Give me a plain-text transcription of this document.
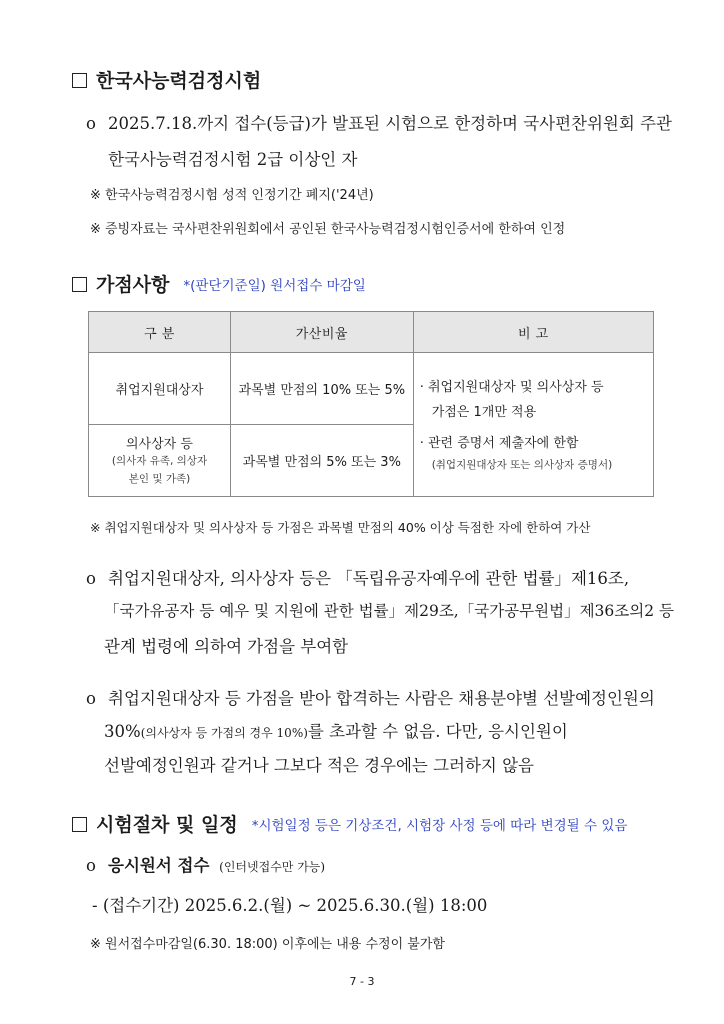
한국사능력검정시험
o 2025.7.18.까지 접수(등급)가 발표된 시험으로 한정하며 국사편찬위원회 주관
한국사능력검정시험 2급 이상인 자
※ 한국사능력검정시험 성적 인정기간 폐지('24년)
※ 증빙자료는 국사편찬위원회에서 공인된 한국사능력검정시험인증서에 한하여 인정
가점사항 *(판단기준일) 원서접수 마감일
구 분	가산비율	비 고
취업지원대상자	과목별 만점의 10% 또는 5%	· 취업지원대상자 및 의사상자 등
가점은 1개만 적용
· 관련 증명서 제출자에 한함
(취업지원대상자 또는 의사상자 증명서)

의사상자 등
(의사자 유족, 의상자
본인 및 가족)	과목별 만점의 5% 또는 3%	
※ 취업지원대상자 및 의사상자 등 가점은 과목별 만점의 40% 이상 득점한 자에 한하여 가산
o 취업지원대상자, 의사상자 등은 「독립유공자예우에 관한 법률」제16조,
「국가유공자 등 예우 및 지원에 관한 법률」제29조,「국가공무원법」제36조의2 등
관계 법령에 의하여 가점을 부여함
o 취업지원대상자 등 가점을 받아 합격하는 사람은 채용분야별 선발예정인원의
30%(의사상자 등 가점의 경우 10%)를 초과할 수 없음. 다만, 응시인원이
선발예정인원과 같거나 그보다 적은 경우에는 그러하지 않음
시험절차 및 일정 *시험일정 등은 기상조건, 시험장 사정 등에 따라 변경될 수 있음
o 응시원서 접수 (인터넷접수만 가능)
- (접수기간) 2025.6.2.(월) ~ 2025.6.30.(월) 18:00
※ 원서접수마감일(6.30. 18:00) 이후에는 내용 수정이 불가함
7 - 3
